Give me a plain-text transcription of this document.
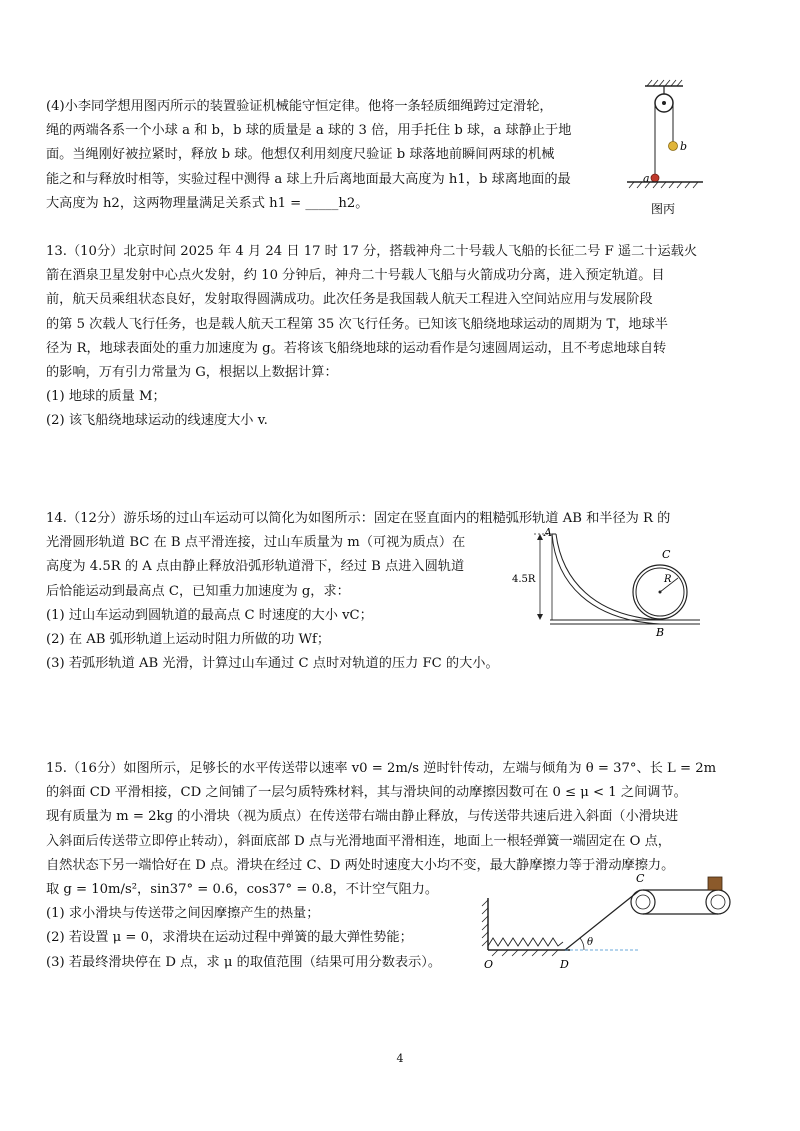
(4)小李同学想用图丙所示的装置验证机械能守恒定律。他将一条轻质细绳跨过定滑轮，

绳的两端各系一个小球 a 和 b，b 球的质量是 a 球的 3 倍，用手托住 b 球，a 球静止于地

面。当绳刚好被拉紧时，释放 b 球。他想仅利用刻度尺验证 b 球落地前瞬间两球的机械

能之和与释放时相等，实验过程中测得 a 球上升后离地面最大高度为 h1，b 球离地面的最

大高度为 h2，这两物理量满足关系式 h1 = _____h2。

b
a
图丙

13.（10分）北京时间 2025 年 4 月 24 日 17 时 17 分，搭载神舟二十号载人飞船的长征二号 F 遥二十运载火

箭在酒泉卫星发射中心点火发射，约 10 分钟后，神舟二十号载人飞船与火箭成功分离，进入预定轨道。目

前，航天员乘组状态良好，发射取得圆满成功。此次任务是我国载人航天工程进入空间站应用与发展阶段

的第 5 次载人飞行任务，也是载人航天工程第 35 次飞行任务。已知该飞船绕地球运动的周期为 T，地球半

径为 R，地球表面处的重力加速度为 g。若将该飞船绕地球的运动看作是匀速圆周运动，且不考虑地球自转

的影响，万有引力常量为 G，根据以上数据计算：

(1) 地球的质量 M；

(2) 该飞船绕地球运动的线速度大小 v.

14.（12分）游乐场的过山车运动可以简化为如图所示：固定在竖直面内的粗糙弧形轨道 AB 和半径为 R 的

光滑圆形轨道 BC 在 B 点平滑连接，过山车质量为 m（可视为质点）在

高度为 4.5R 的 A 点由静止释放沿弧形轨道滑下，经过 B 点进入圆轨道

后恰能运动到最高点 C，已知重力加速度为 g，求：

(1) 过山车运动到圆轨道的最高点 C 时速度的大小 vC；

(2) 在 AB 弧形轨道上运动时阻力所做的功 Wf；

(3) 若弧形轨道 AB 光滑，计算过山车通过 C 点时对轨道的压力 FC 的大小。

4.5R	R
C
B
A

15.（16分）如图所示，足够长的水平传送带以速率 v0 = 2m/s 逆时针传动，左端与倾角为 θ = 37°、长 L = 2m

的斜面 CD 平滑相接，CD 之间铺了一层匀质特殊材料，其与滑块间的动摩擦因数可在 0 ≤ μ < 1 之间调节。

现有质量为 m = 2kg 的小滑块（视为质点）在传送带右端由静止释放，与传送带共速后进入斜面（小滑块进

入斜面后传送带立即停止转动），斜面底部 D 点与光滑地面平滑相连，地面上一根轻弹簧一端固定在 O 点，

自然状态下另一端恰好在 D 点。滑块在经过 C、D 两处时速度大小均不变，最大静摩擦力等于滑动摩擦力。

取 g = 10m/s²，sin37° = 0.6，cos37° = 0.8，不计空气阻力。

(1) 求小滑块与传送带之间因摩擦产生的热量；

(2) 若设置 μ = 0，求滑块在运动过程中弹簧的最大弹性势能；

(3) 若最终滑块停在 D 点，求 μ 的取值范围（结果可用分数表示）。

θ
C
O	D
4
